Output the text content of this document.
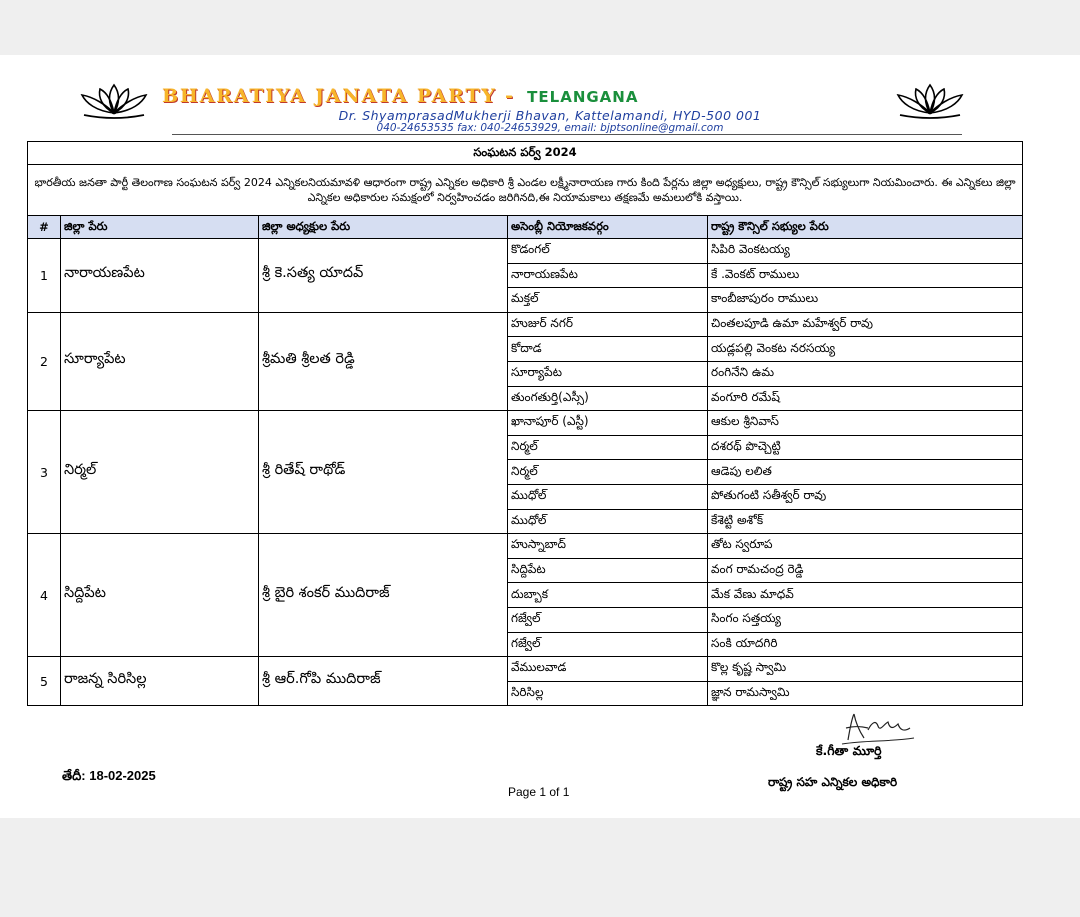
BHARATIYA JANATA PARTY - TELANGANA
Dr. ShyamprasadMukherji Bhavan, Kattelamandi, HYD-500 001
040-24653535 fax: 040-24653929, email: bjptsonline@gmail.com
సంఘటన పర్వ్ 2024				
భారతీయ జనతా పార్టీ తెలంగాణ సంఘటన పర్వ్ 2024 ఎన్నికలనియమావళి ఆధారంగా రాష్ట్ర ఎన్నికల అధికారి శ్రీ ఎండల లక్ష్మీనారాయణ గారు కింది పేర్లను జిల్లా అధ్యక్షులు, రాష్ట్ర కౌన్సిల్ సభ్యులుగా నియమించారు. ఈ ఎన్నికలు జిల్లా ఎన్నికల అధికారుల సమక్షంలో నిర్వహించడం జరిగినది,ఈ నియామకాలు తక్షణమే అమలులోకి వస్తాయి.				
#	జిల్లా పేరు	జిల్లా అధ్యక్షుల పేరు	అసెంబ్లీ నియోజకవర్గం	రాష్ట్ర కౌన్సిల్ సభ్యుల పేరు
1	నారాయణపేట	శ్రీ కె.సత్య యాదవ్	కొడంగల్	సిపిరి వెంకటయ్య
			నారాయణపేట	కే .వెంకట్ రాములు
			మక్తల్	కాంబీజాపురం రాములు
2	సూర్యాపేట	శ్రీమతి శ్రీలత రెడ్డి	హుజుర్ నగర్	చింతలపూడి ఉమా మహేశ్వర్ రావు
			కోదాడ	యడ్లపల్లి వెంకట నరసయ్య
			సూర్యాపేట	రంగినేని ఉమ
			తుంగతుర్తి(ఎస్సీ)	వంగూరి రమేష్
3	నిర్మల్	శ్రీ రితేష్ రాథోడ్	ఖానాపూర్ (ఎస్టీ)	ఆకుల శ్రీనివాస్
			నిర్మల్	దశరథ్ పొచ్చెట్టి
			నిర్మల్	ఆడెపు లలిత
			ముధోల్	పోతుగంటి సతీశ్వర్ రావు
			ముధోల్	కేశెట్టి అశోక్
4	సిద్దిపేట	శ్రీ బైరి శంకర్ ముదిరాజ్	హుస్నాబాద్	తోట స్వరూప
			సిద్దిపేట	వంగ రామచంద్ర రెడ్డి
			దుబ్బాక	మేక వేణు మాధవ్
			గజ్వేల్	సింగం సత్తయ్య
			గజ్వేల్	సంకి యాదగిరి
5	రాజన్న సిరిసిల్ల	శ్రీ ఆర్.గోపి ముదిరాజ్	వేములవాడ	కొల్ల కృష్ణ స్వామి
			సిరిసిల్ల	జ్ఞాన రామస్వామి
కే.గీతా మూర్తి
రాష్ట్ర సహ ఎన్నికల అధికారి
తేదీ: 18-02-2025
Page 1 of 1
